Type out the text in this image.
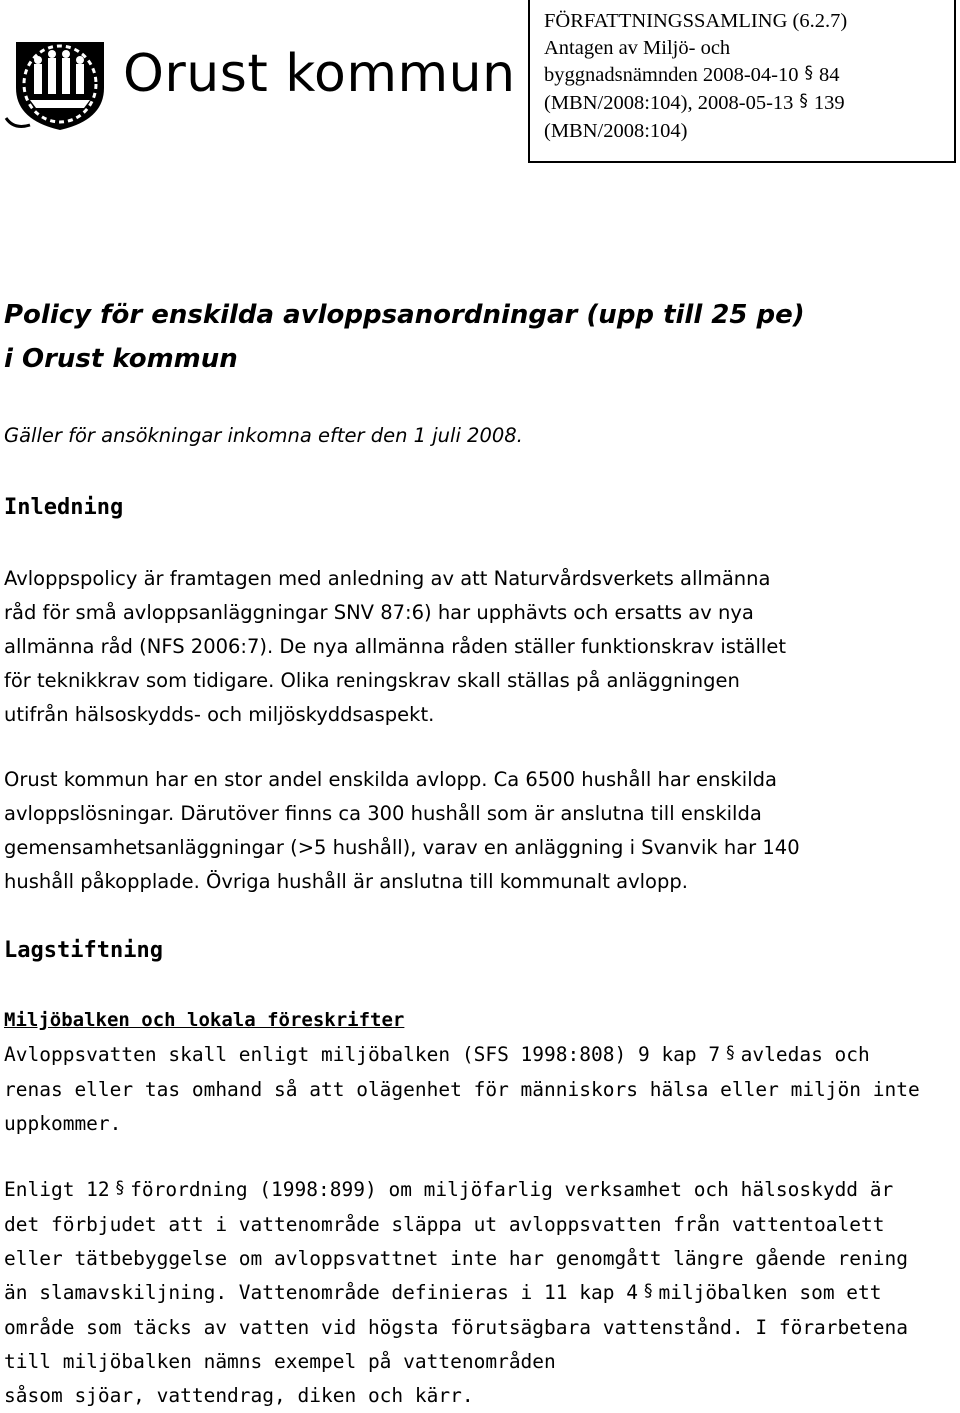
Orust kommun
FÖRFATTNINGSSAMLING (6.2.7)
Antagen av Miljö- och
byggnadsnämnden 2008-04-10 § 84
(MBN/2008:104), 2008-05-13 § 139
(MBN/2008:104)
Policy för enskilda avloppsanordningar (upp till 25 pe)
i Orust kommun
Gäller för ansökningar inkomna efter den 1 juli 2008.
Inledning
Avloppspolicy är framtagen med anledning av att Naturvårdsverkets allmänna
råd för små avloppsanläggningar SNV 87:6) har upphävts och ersatts av nya
allmänna råd (NFS 2006:7). De nya allmänna råden ställer funktionskrav istället
för teknikkrav som tidigare. Olika reningskrav skall ställas på anläggningen
utifrån hälsoskydds- och miljöskyddsaspekt.
Orust kommun har en stor andel enskilda avlopp. Ca 6500 hushåll har enskilda
avloppslösningar. Därutöver finns ca 300 hushåll som är anslutna till enskilda
gemensamhetsanläggningar (>5 hushåll), varav en anläggning i Svanvik har 140
hushåll påkopplade. Övriga hushåll är anslutna till kommunalt avlopp.
Lagstiftning
Miljöbalken och lokala föreskrifter
Avloppsvatten skall enligt miljöbalken (SFS 1998:808) 9 kap 7 § avledas och
renas eller tas omhand så att olägenhet för människors hälsa eller miljön inte
uppkommer.
Enligt 12 § förordning (1998:899) om miljöfarlig verksamhet och hälsoskydd är
det förbjudet att i vattenområde släppa ut avloppsvatten från vattentoalett
eller tätbebyggelse om avloppsvattnet inte har genomgått längre gående rening
än slamavskiljning. Vattenområde definieras i 11 kap 4 § miljöbalken som ett
område som täcks av vatten vid högsta förutsägbara vattenstånd. I förarbetena
till miljöbalken nämns exempel på vattenområden
såsom sjöar, vattendrag, diken och kärr.
